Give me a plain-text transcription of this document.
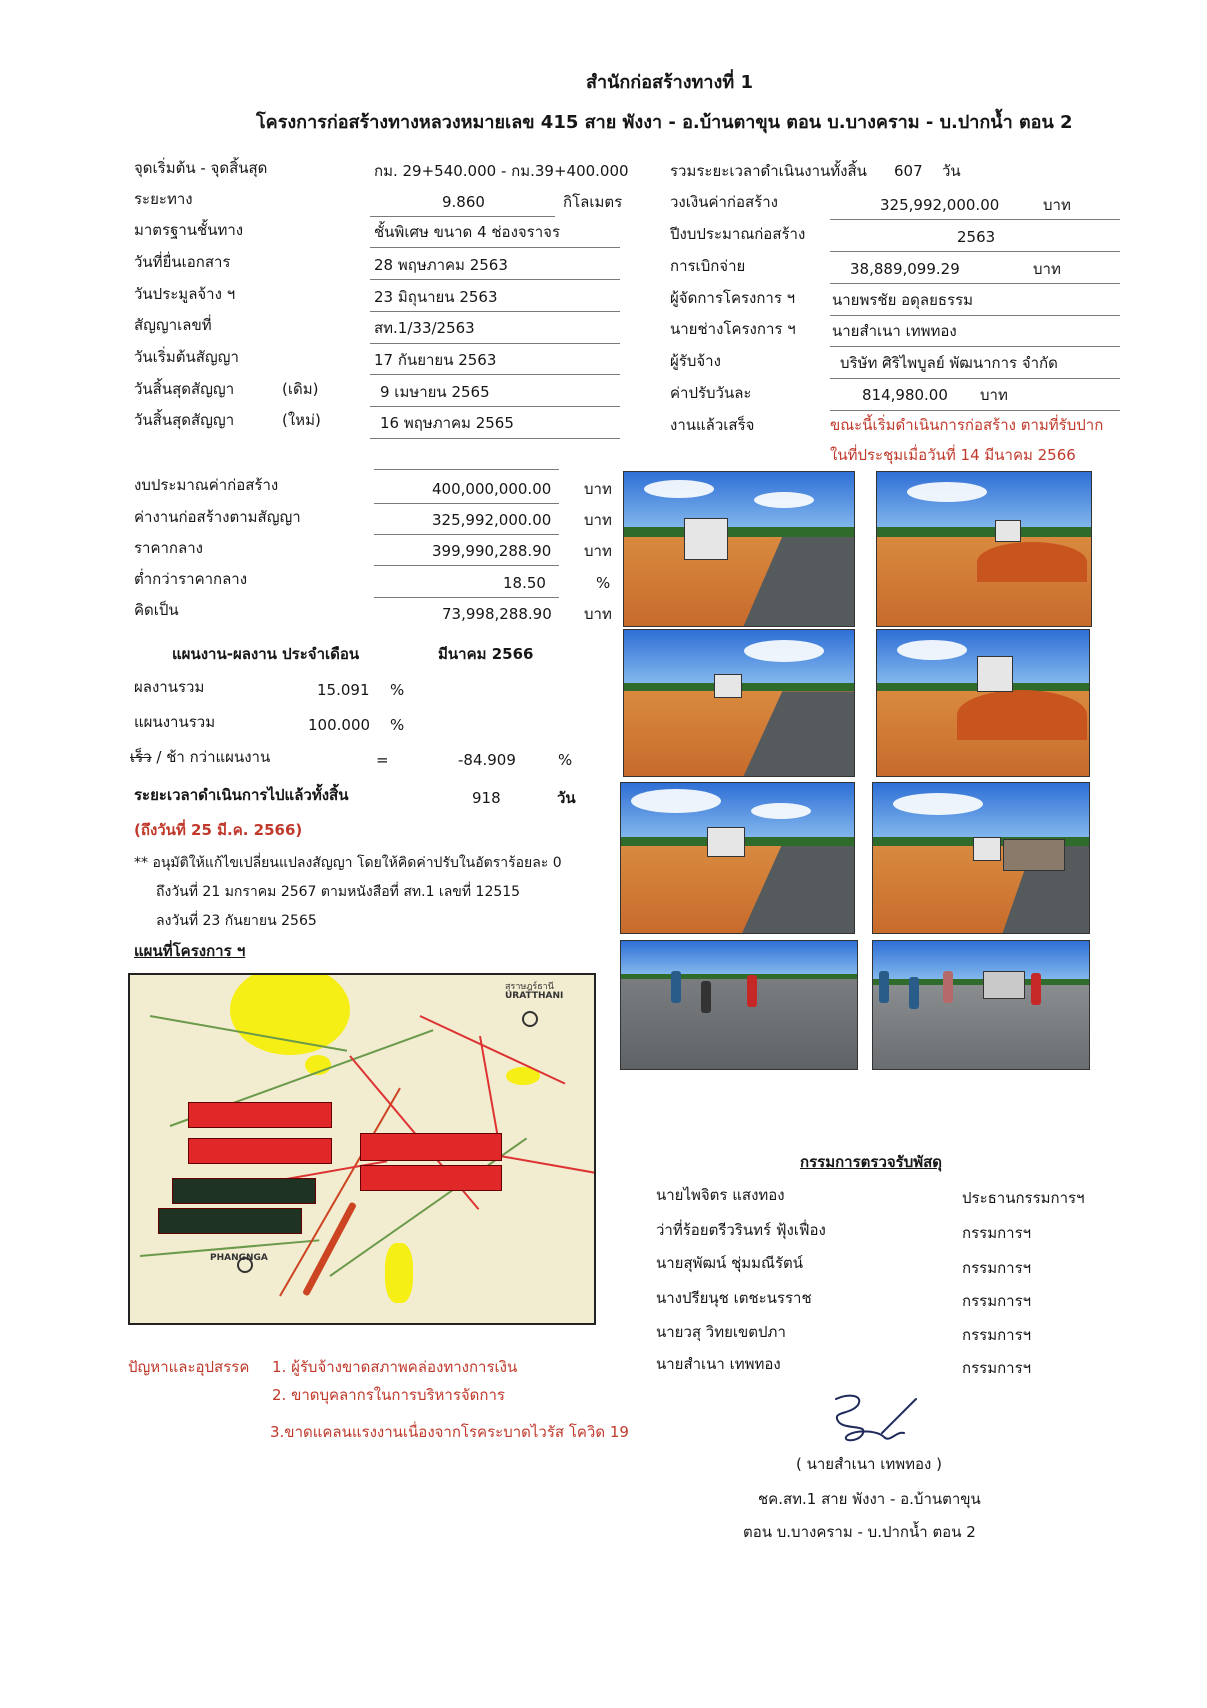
สำนักก่อสร้างทางที่ 1
โครงการก่อสร้างทางหลวงหมายเลข 415 สาย พังงา - อ.บ้านตาขุน ตอน บ.บางคราม - บ.ปากน้ำ ตอน 2
จุดเริ่มต้น - จุดสิ้นสุด	กม. 29+540.000 - กม.39+400.000
ระยะทาง	9.860	กิโลเมตร
มาตรฐานชั้นทาง	ชั้นพิเศษ ขนาด 4 ช่องจราจร
วันที่ยื่นเอกสาร	28 พฤษภาคม 2563
วันประมูลจ้าง ฯ	23 มิถุนายน 2563
สัญญาเลขที่	สท.1/33/2563
วันเริ่มต้นสัญญา	17 กันยายน 2563
วันสิ้นสุดสัญญา	(เดิม)	9 เมษายน 2565
วันสิ้นสุดสัญญา	(ใหม่)	16 พฤษภาคม 2565
รวมระยะเวลาดำเนินงานทั้งสิ้น 607 วัน
วงเงินค่าก่อสร้าง	325,992,000.00	บาท
ปีงบประมาณก่อสร้าง	2563
การเบิกจ่าย	38,889,099.29	บาท
ผู้จัดการโครงการ ฯ นายพรชัย อดุลยธรรม
นายช่างโครงการ ฯ นายสำเนา เทพทอง
ผู้รับจ้าง	บริษัท ศิริไพบูลย์ พัฒนาการ จำกัด
ค่าปรับวันละ	814,980.00 บาท
งานแล้วเสร็จ	ขณะนี้เริ่มดำเนินการก่อสร้าง ตามที่รับปาก
ในที่ประชุมเมื่อวันที่ 14 มีนาคม 2566
งบประมาณค่าก่อสร้าง	400,000,000.00 บาท
ค่างานก่อสร้างตามสัญญา	325,992,000.00 บาท
ราคากลาง	399,990,288.90 บาท
ต่ำกว่าราคากลาง	18.50	%
คิดเป็น	73,998,288.90 บาท
แผนงาน-ผลงาน ประจำเดือน	มีนาคม 2566
ผลงานรวม	15.091 %
แผนงานรวม	100.000 %
เร็ว / ช้า กว่าแผนงาน	=	-84.909	%
ระยะเวลาดำเนินการไปแล้วทั้งสิ้น	918	วัน
(ถึงวันที่ 25 มี.ค. 2566)
** อนุมัติให้แก้ไขเปลี่ยนแปลงสัญญา โดยให้คิดค่าปรับในอัตราร้อยละ 0
ถึงวันที่ 21 มกราคม 2567 ตามหนังสือที่ สท.1 เลขที่ 12515
ลงวันที่ 23 กันยายน 2565
แผนที่โครงการ ฯ
สุราษฎร์ธานี
URATTHANI
PHANGNGA
ปัญหาและอุปสรรค 1. ผู้รับจ้างขาดสภาพคล่องทางการเงิน
2. ขาดบุคลากรในการบริหารจัดการ
3.ขาดแคลนแรงงานเนื่องจากโรคระบาดไวรัส โควิด 19
กรรมการตรวจรับพัสดุ
นายไพจิตร แสงทอง	ประธานกรรมการฯ
ว่าที่ร้อยตรีวรินทร์ ฟุ้งเฟื่อง	กรรมการฯ
นายสุพัฒน์ ชุ่มมณีรัตน์	กรรมการฯ
นางปรียนุช เตชะนรราช	กรรมการฯ
นายวสุ วิทยเขตปภา	กรรมการฯ
นายสำเนา เทพทอง	กรรมการฯ
( นายสำเนา เทพทอง )
ชค.สท.1 สาย พังงา - อ.บ้านตาขุน
ตอน บ.บางคราม - บ.ปากน้ำ ตอน 2
